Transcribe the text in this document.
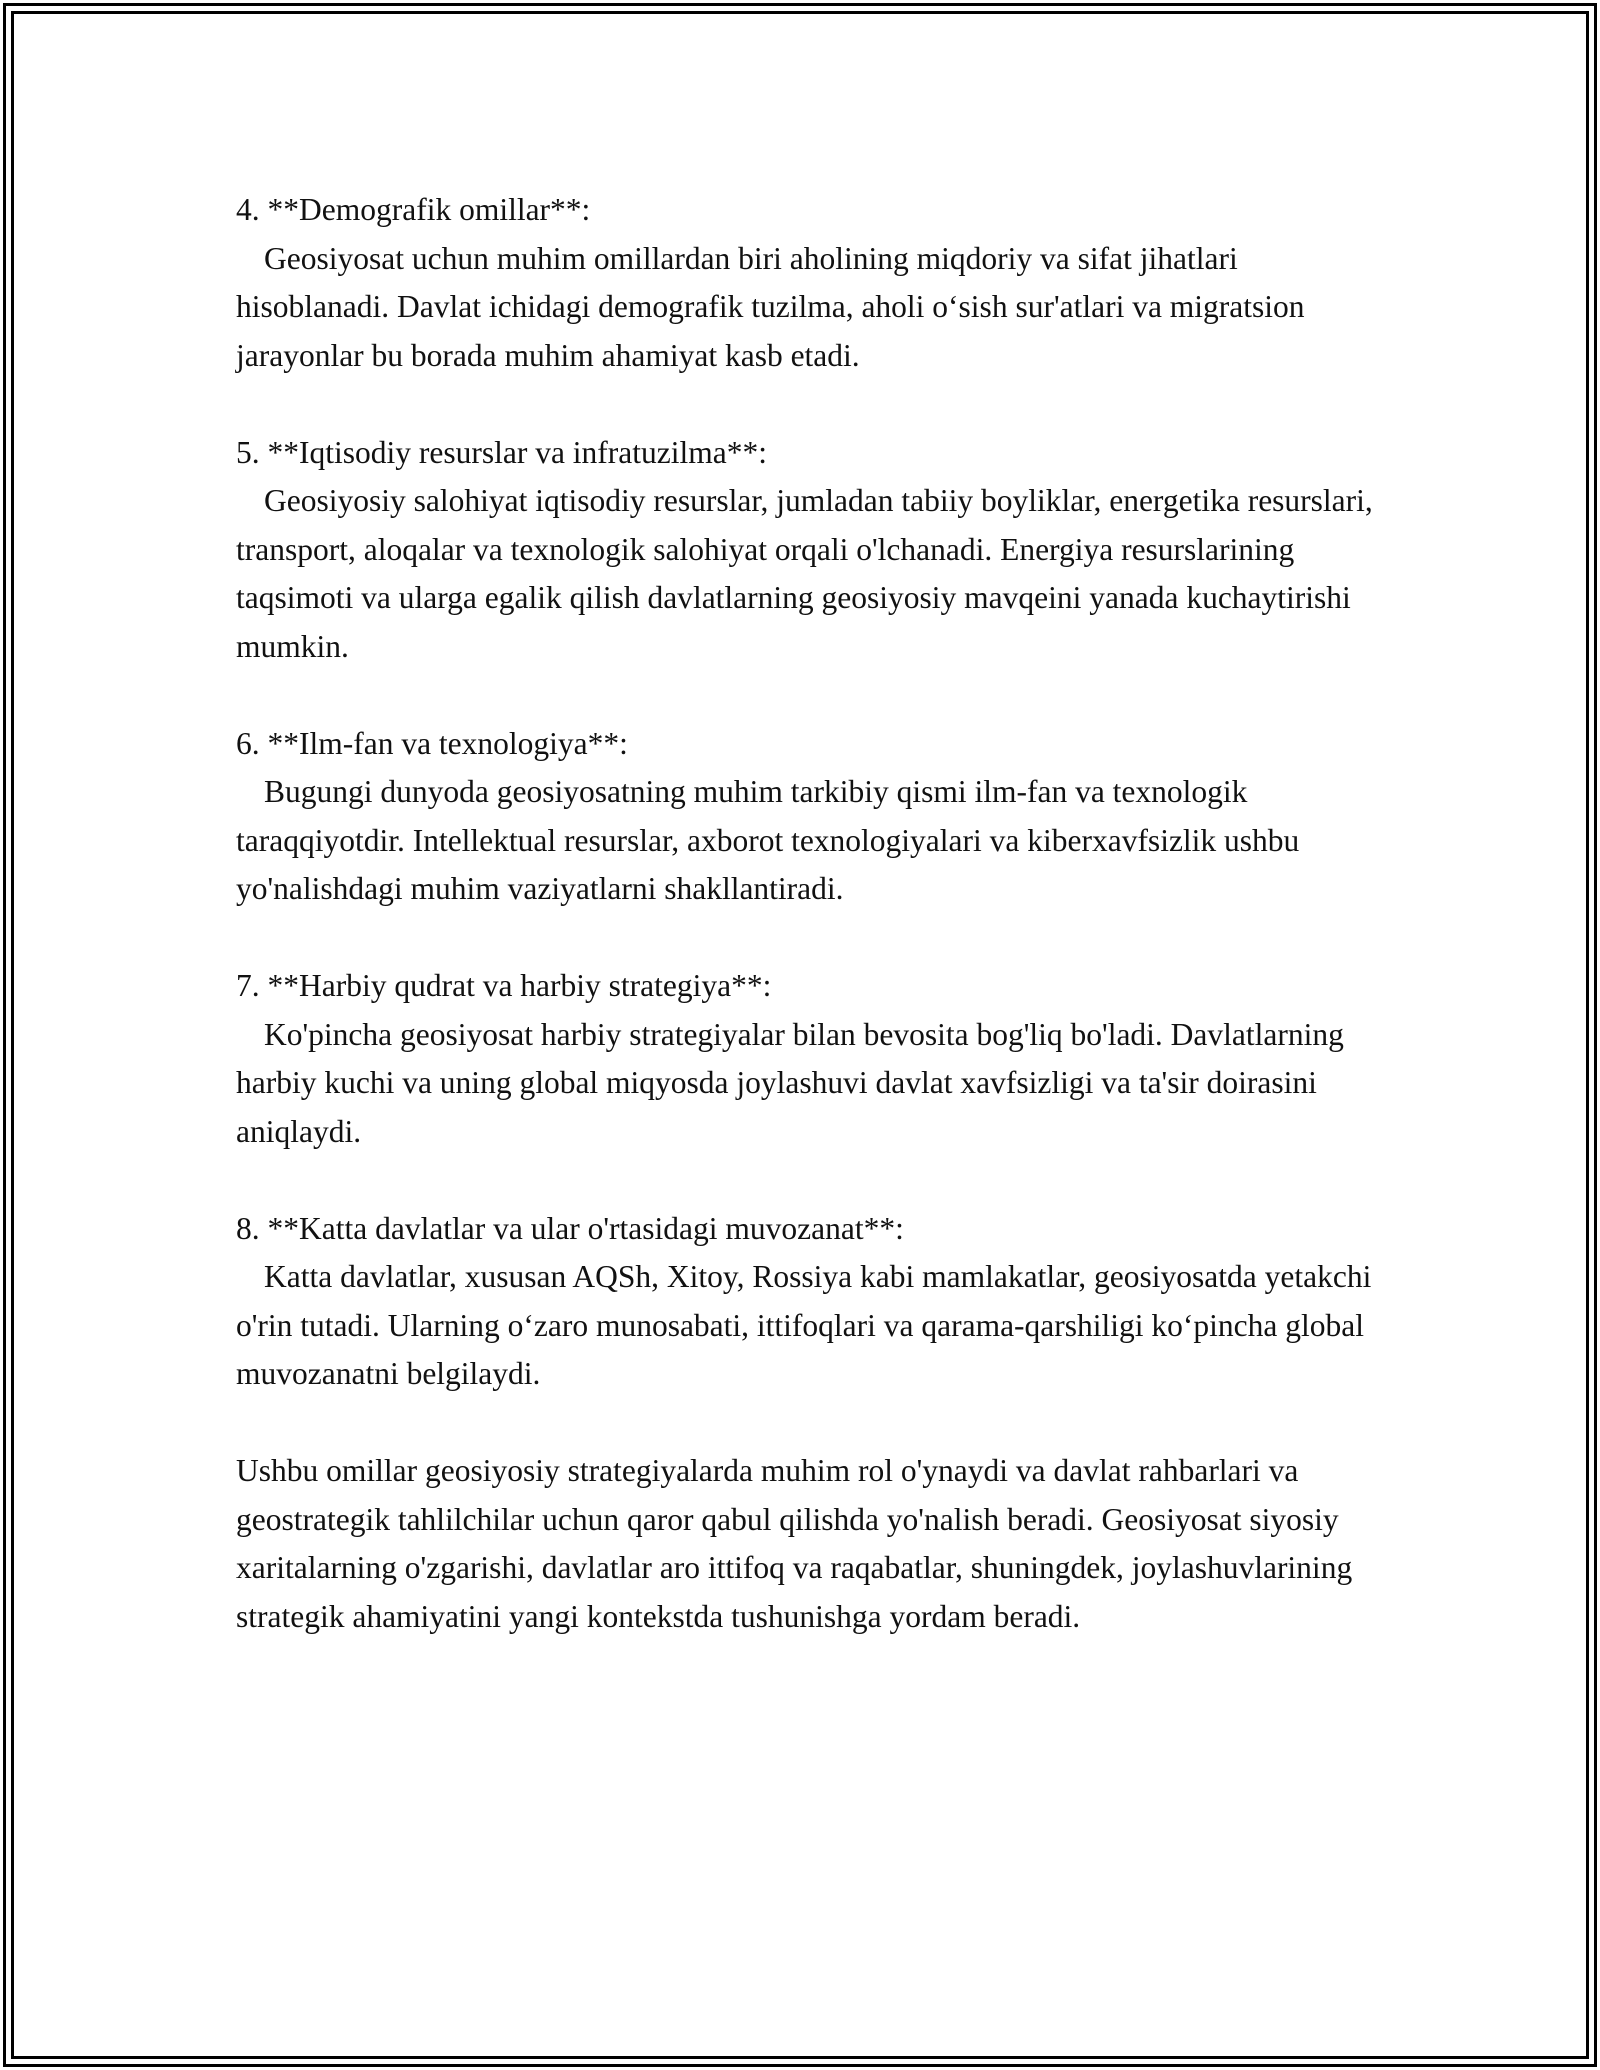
4. **Demografik omillar**:

Geosiyosat uchun muhim omillardan biri aholining miqdoriy va sifat jihatlari hisoblanadi. Davlat ichidagi demografik tuzilma, aholi o‘sish sur'atlari va migratsion jarayonlar bu borada muhim ahamiyat kasb etadi.

5. **Iqtisodiy resurslar va infratuzilma**:

Geosiyosiy salohiyat iqtisodiy resurslar, jumladan tabiiy boyliklar, energetika resurslari, transport, aloqalar va texnologik salohiyat orqali o'lchanadi. Energiya resurslarining taqsimoti va ularga egalik qilish davlatlarning geosiyosiy mavqeini yanada kuchaytirishi mumkin.

6. **Ilm-fan va texnologiya**:

Bugungi dunyoda geosiyosatning muhim tarkibiy qismi ilm-fan va texnologik taraqqiyotdir. Intellektual resurslar, axborot texnologiyalari va kiberxavfsizlik ushbu yo'nalishdagi muhim vaziyatlarni shakllantiradi.

7. **Harbiy qudrat va harbiy strategiya**:

Ko'pincha geosiyosat harbiy strategiyalar bilan bevosita bog'liq bo'ladi. Davlatlarning harbiy kuchi va uning global miqyosda joylashuvi davlat xavfsizligi va ta'sir doirasini aniqlaydi.

8. **Katta davlatlar va ular o'rtasidagi muvozanat**:

Katta davlatlar, xususan AQSh, Xitoy, Rossiya kabi mamlakatlar, geosiyosatda yetakchi o'rin tutadi. Ularning o‘zaro munosabati, ittifoqlari va qarama-qarshiligi ko‘pincha global muvozanatni belgilaydi.

Ushbu omillar geosiyosiy strategiyalarda muhim rol o'ynaydi va davlat rahbarlari va geostrategik tahlilchilar uchun qaror qabul qilishda yo'nalish beradi. Geosiyosat siyosiy xaritalarning o'zgarishi, davlatlar aro ittifoq va raqabatlar, shuningdek, joylashuvlarining strategik ahamiyatini yangi kontekstda tushunishga yordam beradi.
